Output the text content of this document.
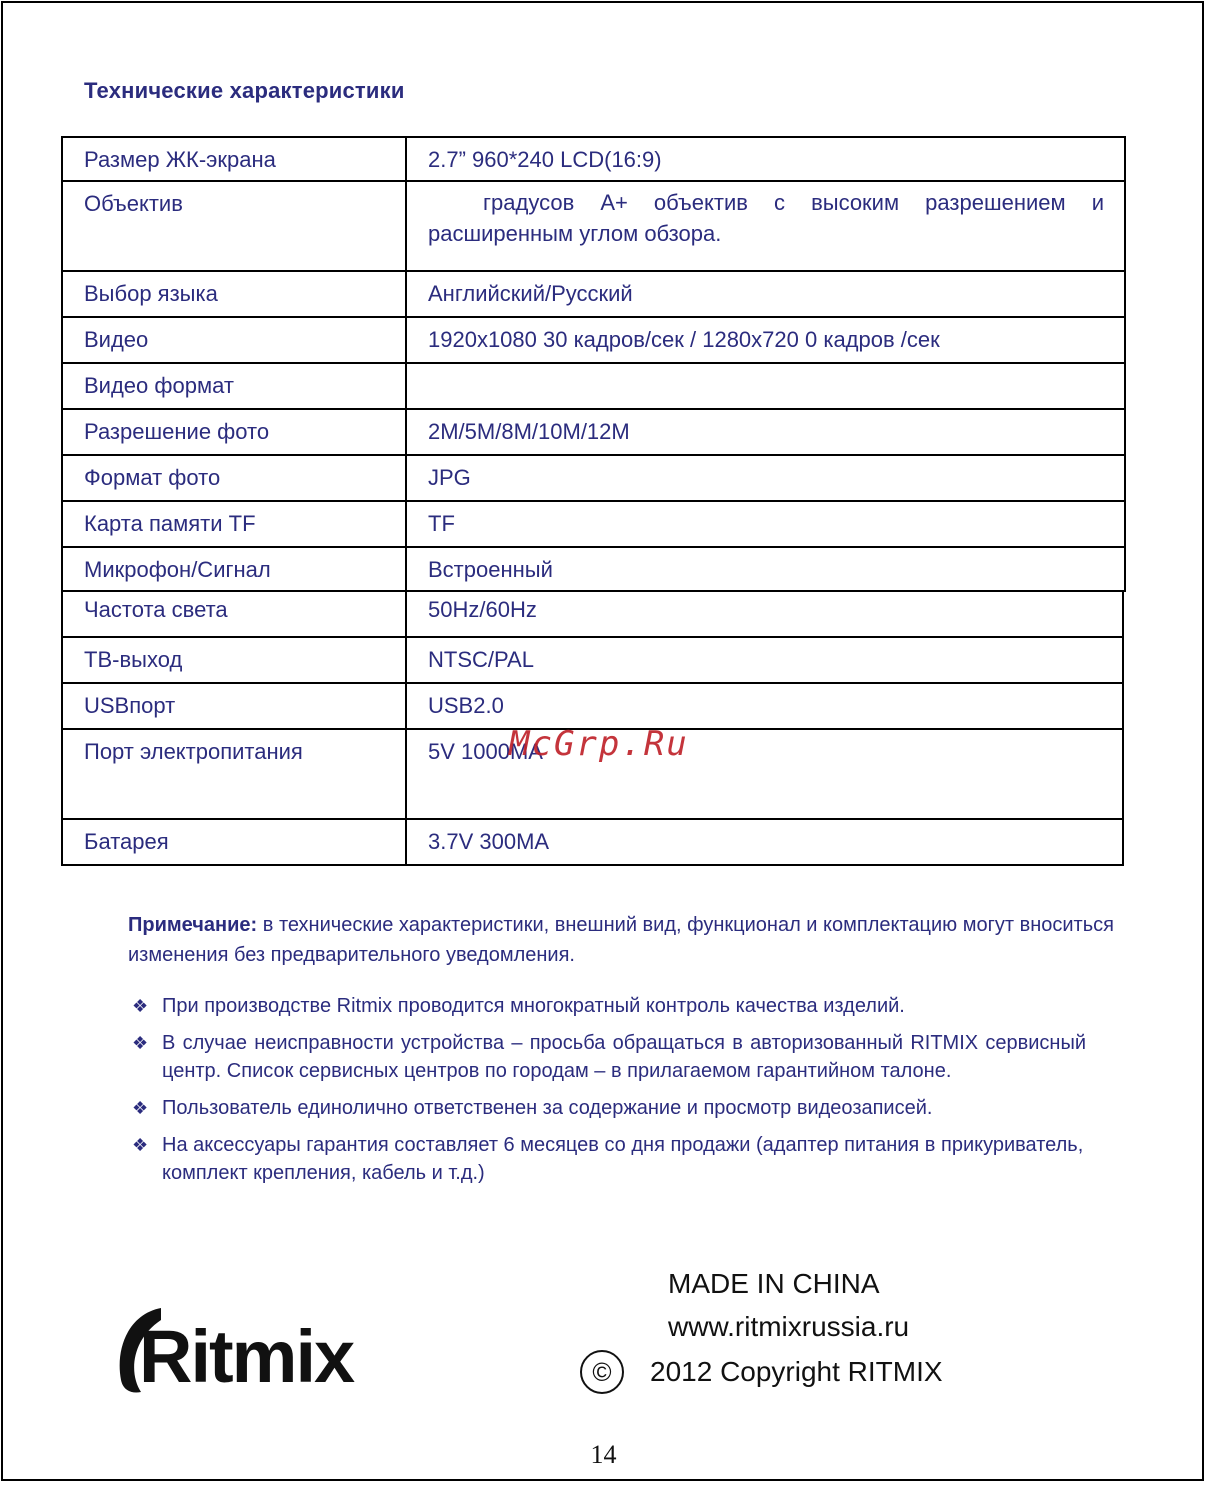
Технические характеристики
Размер ЖК-экрана	2.7” 960*240 LCD(16:9)
Объектив	градусов A+ объектив с высоким разрешением и расширенным углом обзора.
Выбор языка	Английский/Русский
Видео	1920x1080 30 кадров/сек / 1280x720 0 кадров /сек
Видео формат
Разрешение фото	2M/5M/8M/10M/12M
Формат фото	JPG
Карта памяти TF	TF
Микрофон/Сигнал	Встроенный
Частота света	50Hz/60Hz
ТВ-выход	NTSC/PAL
USBпорт	USB2.0
Порт электропитания	5V 1000MA
Батарея	3.7V 300MA
McGrp.Ru
Примечание: в технические характеристики, внешний вид, функционал и комплектацию могут вноситься изменения без предварительного уведомления.
❖ При производстве Ritmix проводится многократный контроль качества изделий.
❖ В случае неисправности устройства – просьба обращаться в авторизованный RITMIX сервисный центр. Список сервисных центров по городам – в прилагаемом гарантийном талоне.
❖ Пользователь единолично ответственен за содержание и просмотр видеозаписей.
❖ На аксессуары гарантия составляет 6 месяцев со дня продажи (адаптер питания в прикуриватель, комплект крепления, кабель и т.д.)
Ritmix
MADE IN CHINA
www.ritmixrussia.ru
©	2012 Copyright RITMIX
14
